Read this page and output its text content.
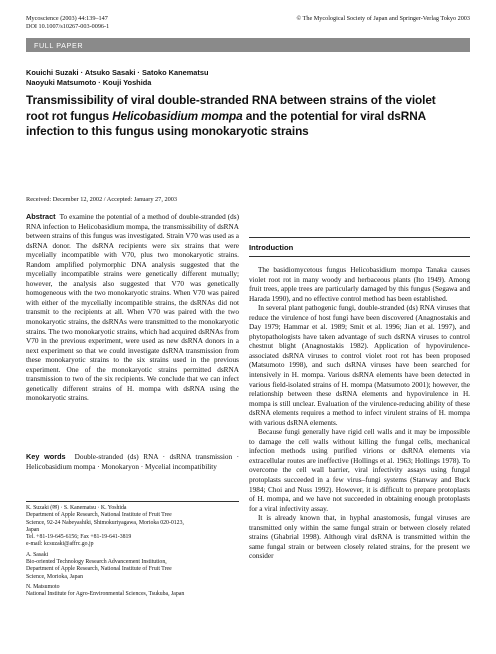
Mycoscience (2003) 44:139–147
DOI 10.1007/s10267-003-0096-1
© The Mycological Society of Japan and Springer-Verlag Tokyo 2003
FULL PAPER
Kouichi Suzaki · Atsuko Sasaki · Satoko Kanematsu
Naoyuki Matsumoto · Kouji Yoshida
Transmissibility of viral double-stranded RNA between strains of the violet
root rot fungus Helicobasidium mompa and the potential for viral dsRNA
infection to this fungus using monokaryotic strains
Received: December 12, 2002 / Accepted: January 27, 2003

Abstract To examine the potential of a method of double-stranded (ds) RNA infection to Helicobasidium mompa, the transmissibility of dsRNA between strains of this fungus was investigated. Strain V70 was used as a dsRNA donor. The dsRNA recipients were six strains that were mycelially incompatible with V70, plus two monokaryotic strains. Random amplified polymorphic DNA analysis suggested that the mycelially incompatible strains were genetically different mutually; however, the analysis also suggested that V70 was genetically homogeneous with the two monokaryotic strains. When V70 was paired with either of the mycelially incompatible strains, the dsRNAs did not transmit to the recipients at all. When V70 was paired with the two monokaryotic strains, the dsRNAs were transmitted to the monokaryotic strains. The two monokaryotic strains, which had acquired dsRNAs from V70 in the previous experiment, were used as new dsRNA donors in a next experiment so that we could investigate dsRNA transmission from these monokaryotic strains to the six strains used in the previous experiment. One of the monokaryotic strains permitted dsRNA transmission to two of the six recipients. We conclude that we can infect genetically different strains of H. mompa with dsRNA using the monokaryotic strains.

Key words Double-stranded (ds) RNA · dsRNA transmission · Helicobasidium mompa · Monokaryon · Mycelial incompatibility

K. Suzaki (✉) · S. Kanematsu · K. Yoshida
Department of Apple Research, National Institute of Fruit Tree
Science, 92-24 Nabeyashiki, Shimokuriyagawa, Morioka 020-0123,
Japan
Tel. +81-19-645-6156; Fax +81-19-641-3819
e-mail: kcsuzaki@affrc.go.jp

A. Sasaki
Bio-oriented Technology Research Advancement Institution,
Department of Apple Research, National Institute of Fruit Tree
Science, Morioka, Japan

N. Matsumoto
National Institute for Agro-Environmental Sciences, Tsukuba, Japan

Introduction

The basidiomycetous fungus Helicobasidium mompa Tanaka causes violet root rot in many woody and herbaceous plants (Ito 1949). Among fruit trees, apple trees are particularly damaged by this fungus (Segawa and Harada 1990), and no effective control method has been established.

In several plant pathogenic fungi, double-stranded (ds) RNA viruses that reduce the virulence of host fungi have been discovered (Anagnostakis and Day 1979; Hammar et al. 1989; Smit et al. 1996; Jian et al. 1997), and phytopathologists have taken advantage of such dsRNA viruses to control chestnut blight (Anagnostakis 1982). Application of hypovirulence-associated dsRNA viruses to control violet root rot has been proposed (Matsumoto 1998), and such dsRNA viruses have been searched for intensively in H. mompa. Various dsRNA elements have been detected in various field-isolated strains of H. mompa (Matsumoto 2001); however, the relationship between these dsRNA elements and hypovirulence in H. mompa is still unclear. Evaluation of the virulence-reducing ability of these dsRNA elements requires a method to infect virulent strains of H. mompa with various dsRNA elements.

Because fungi generally have rigid cell walls and it may be impossible to damage the cell walls without killing the fungal cells, mechanical infection methods using purified virions or dsRNA elements via extracellular routes are ineffective (Hollings et al. 1963; Hollings 1978). To overcome the cell wall barrier, viral infectivity assays using fungal protoplasts succeeded in a few virus–fungi systems (Stanway and Buck 1984; Choi and Nuss 1992). However, it is difficult to prepare protoplasts of H. mompa, and we have not succeeded in obtaining enough protoplasts for a viral infectivity assay.

It is already known that, in hyphal anastomosis, fungal viruses are transmitted only within the same fungal strain or between closely related strains (Ghabrial 1998). Although viral dsRNA is transmitted within the same fungal strain or between closely related strains, for the present we consider
